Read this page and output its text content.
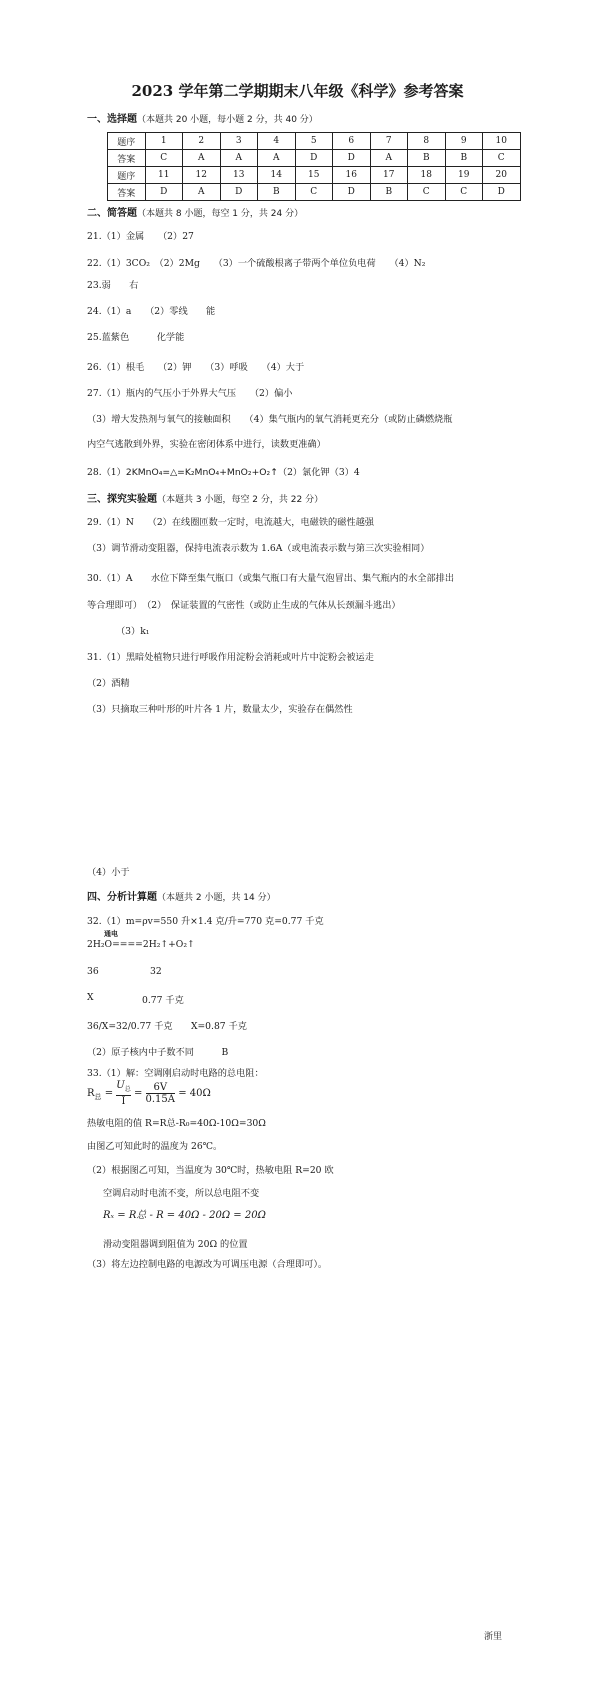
2023 学年第二学期期末八年级《科学》参考答案
一、选择题（本题共 20 小题，每小题 2 分，共 40 分）
题序	1	2	3	4	5	6	7	8	9	10
答案	C	A	A	A	D	D	A	B	B	C
题序	11	12	13	14	15	16	17	18	19	20
答案	D	A	D	B	C	D	B	C	C	D
二、简答题（本题共 8 小题，每空 1 分，共 24 分）
21.（1）金属　　（2）27
22.（1）3CO₂　（2）2Mg　　（3）一个硫酸根离子带两个单位负电荷　　（4）N₂
23.弱　　右
24.（1）a　　（2）零线　　能
25.蓝紫色　　　化学能
26.（1）根毛　　（2）钾　　（3）呼吸　　（4）大于
27.（1）瓶内的气压小于外界大气压　　（2）偏小
（3）增大发热剂与氧气的接触面积　　（4）集气瓶内的氧气消耗更充分（或防止磷燃烧瓶
内空气逃散到外界，实验在密闭体系中进行，读数更准确）
28.（1）2KMnO₄=△=K₂MnO₄+MnO₂+O₂↑（2）氯化钾（3）4
三、探究实验题（本题共 3 小题，每空 2 分，共 22 分）
29.（1）N　　（2）在线圈匝数一定时，电流越大，电磁铁的磁性越强
（3）调节滑动变阻器，保持电流表示数为 1.6A（或电流表示数与第三次实验相同）
30.（1）A　　水位下降至集气瓶口（或集气瓶口有大量气泡冒出、集气瓶内的水全部排出
等合理即可）　（2）　保证装置的气密性（或防止生成的气体从长颈漏斗逃出）
（3）k₁
31.（1）黑暗处植物只进行呼吸作用淀粉会消耗或叶片中淀粉会被运走
（2）酒精
（3）只摘取三种叶形的叶片各 1 片，数量太少，实验存在偶然性
（4）小于
四、分析计算题（本题共 2 小题，共 14 分）
32.（1）m=ρv=550 升×1.4 克/升=770 克=0.77 千克
通电
2H₂O====2H₂↑+O₂↑
36	32
X	0.77 千克
36/X=32/0.77 千克　　X=0.87 千克
（2）原子核内中子数不同　　　B
33.（1）解：空调刚启动时电路的总电阻：
$R_总 = \frac{U_总}{I} = \frac{6V}{0.15A} = 40\Omega$
热敏电阻的值 R=R总-R₀=40Ω-10Ω=30Ω
由图乙可知此时的温度为 26℃。
（2）根据图乙可知，当温度为 30℃时，热敏电阻 R=20 欧
空调启动时电流不变，所以总电阻不变
Rₓ = R总 - R = 40Ω - 20Ω = 20Ω
滑动变阻器调到阻值为 20Ω 的位置
（3）将左边控制电路的电源改为可调压电源（合理即可）。
浙里
